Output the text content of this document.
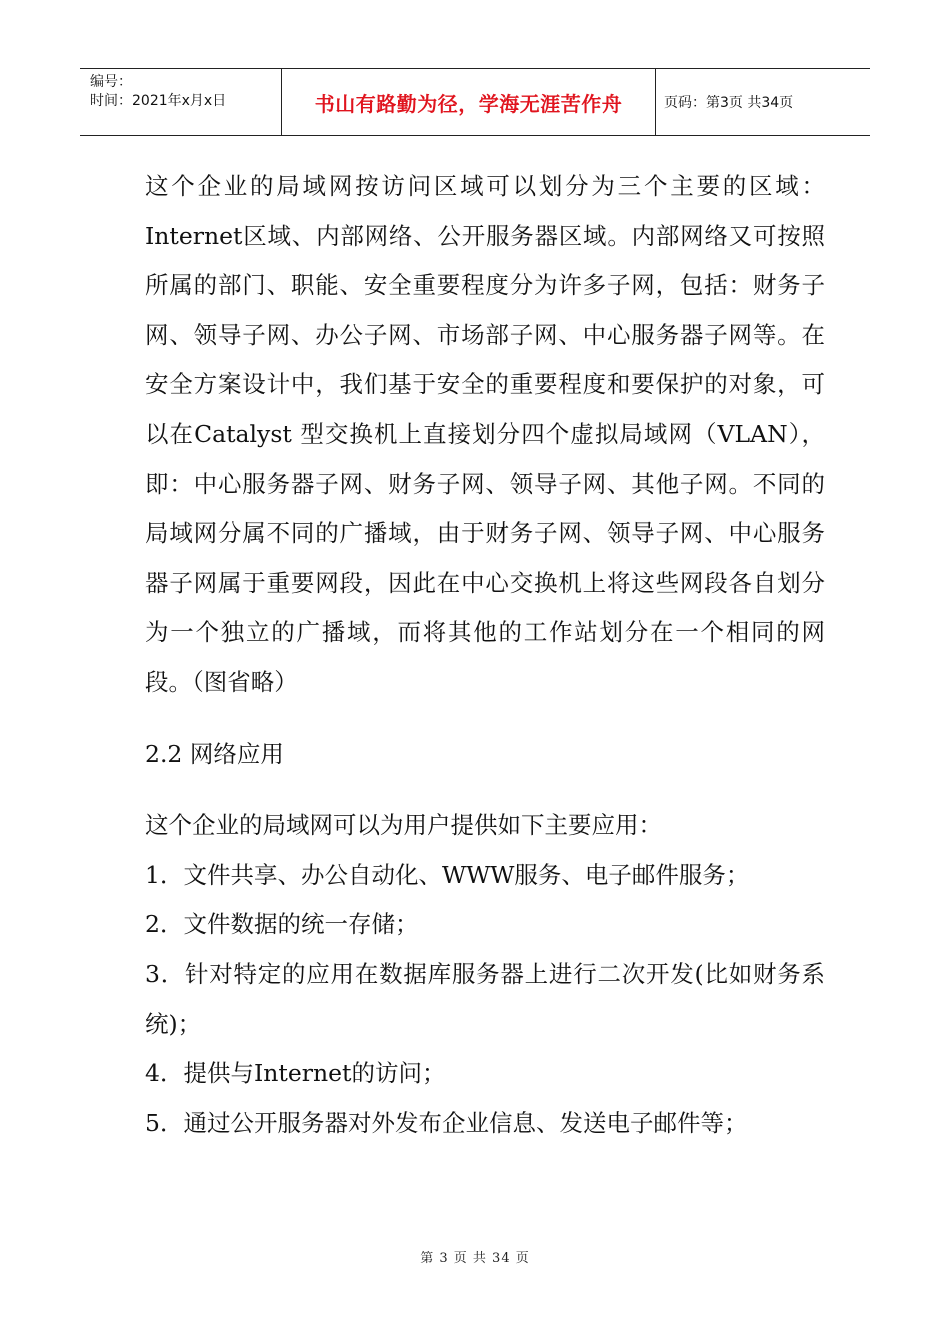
编号：
时间：2021年x月x日	书山有路勤为径，学海无涯苦作舟	页码：第3页 共34页

这个企业的局域网按访问区域可以划分为三个主要的区域：Internet区域、内部网络、公开服务器区域。内部网络又可按照所属的部门、职能、安全重要程度分为许多子网，包括：财务子网、领导子网、办公子网、市场部子网、中心服务器子网等。在安全方案设计中，我们基于安全的重要程度和要保护的对象，可以在Catalyst 型交换机上直接划分四个虚拟局域网（VLAN），即：中心服务器子网、财务子网、领导子网、其他子网。不同的局域网分属不同的广播域，由于财务子网、领导子网、中心服务器子网属于重要网段，因此在中心交换机上将这些网段各自划分为一个独立的广播域，而将其他的工作站划分在一个相同的网段。（图省略）

2.2 网络应用

这个企业的局域网可以为用户提供如下主要应用：

1．文件共享、办公自动化、WWW服务、电子邮件服务；

2．文件数据的统一存储；

3．针对特定的应用在数据库服务器上进行二次开发(比如财务系统)；

4．提供与Internet的访问；

5．通过公开服务器对外发布企业信息、发送电子邮件等；

第 3 页 共 34 页
